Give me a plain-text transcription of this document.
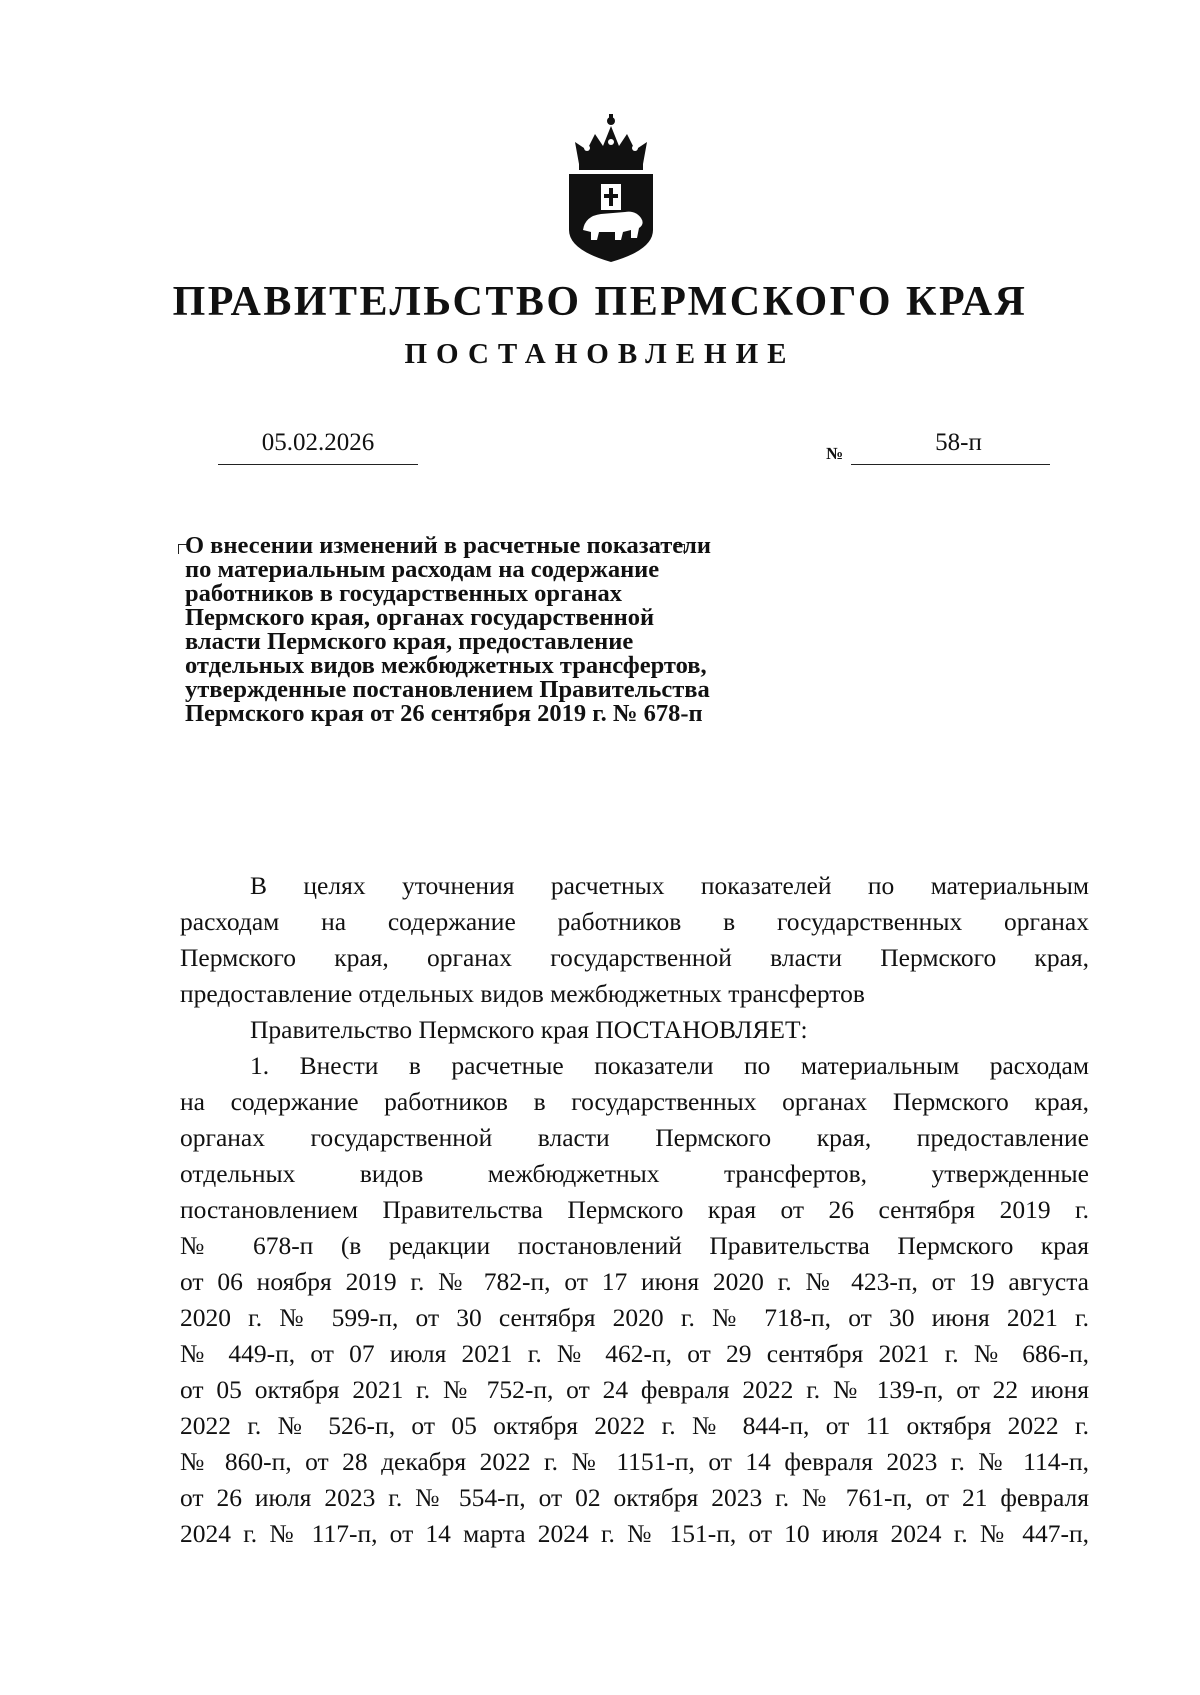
ПРАВИТЕЛЬСТВО ПЕРМСКОГО КРАЯ
ПОСТАНОВЛЕНИЕ
05.02.2026	№	58-п
О внесении изменений в расчетные показатели
по материальным расходам на содержание
работников в государственных органах
Пермского края, органах государственной
власти Пермского края, предоставление
отдельных видов межбюджетных трансфертов,
утвержденные постановлением Правительства
Пермского края от 26 сентября 2019 г. № 678-п
В целях уточнения расчетных показателей по материальным
расходам на содержание работников в государственных органах
Пермского края, органах государственной власти Пермского края,
предоставление отдельных видов межбюджетных трансфертов
Правительство Пермского края ПОСТАНОВЛЯЕТ:
1. Внести в расчетные показатели по материальным расходам
на содержание работников в государственных органах Пермского края,
органах государственной власти Пермского края, предоставление
отдельных видов межбюджетных трансфертов, утвержденные
постановлением Правительства Пермского края от 26 сентября 2019 г.
№ 678-п (в редакции постановлений Правительства Пермского края
от 06 ноября 2019 г. № 782-п, от 17 июня 2020 г. № 423-п, от 19 августа
2020 г. № 599-п, от 30 сентября 2020 г. № 718-п, от 30 июня 2021 г.
№ 449-п, от 07 июля 2021 г. № 462-п, от 29 сентября 2021 г. № 686-п,
от 05 октября 2021 г. № 752-п, от 24 февраля 2022 г. № 139-п, от 22 июня
2022 г. № 526-п, от 05 октября 2022 г. № 844-п, от 11 октября 2022 г.
№ 860-п, от 28 декабря 2022 г. № 1151-п, от 14 февраля 2023 г. № 114-п,
от 26 июля 2023 г. № 554-п, от 02 октября 2023 г. № 761-п, от 21 февраля
2024 г. № 117-п, от 14 марта 2024 г. № 151-п, от 10 июля 2024 г. № 447-п,
